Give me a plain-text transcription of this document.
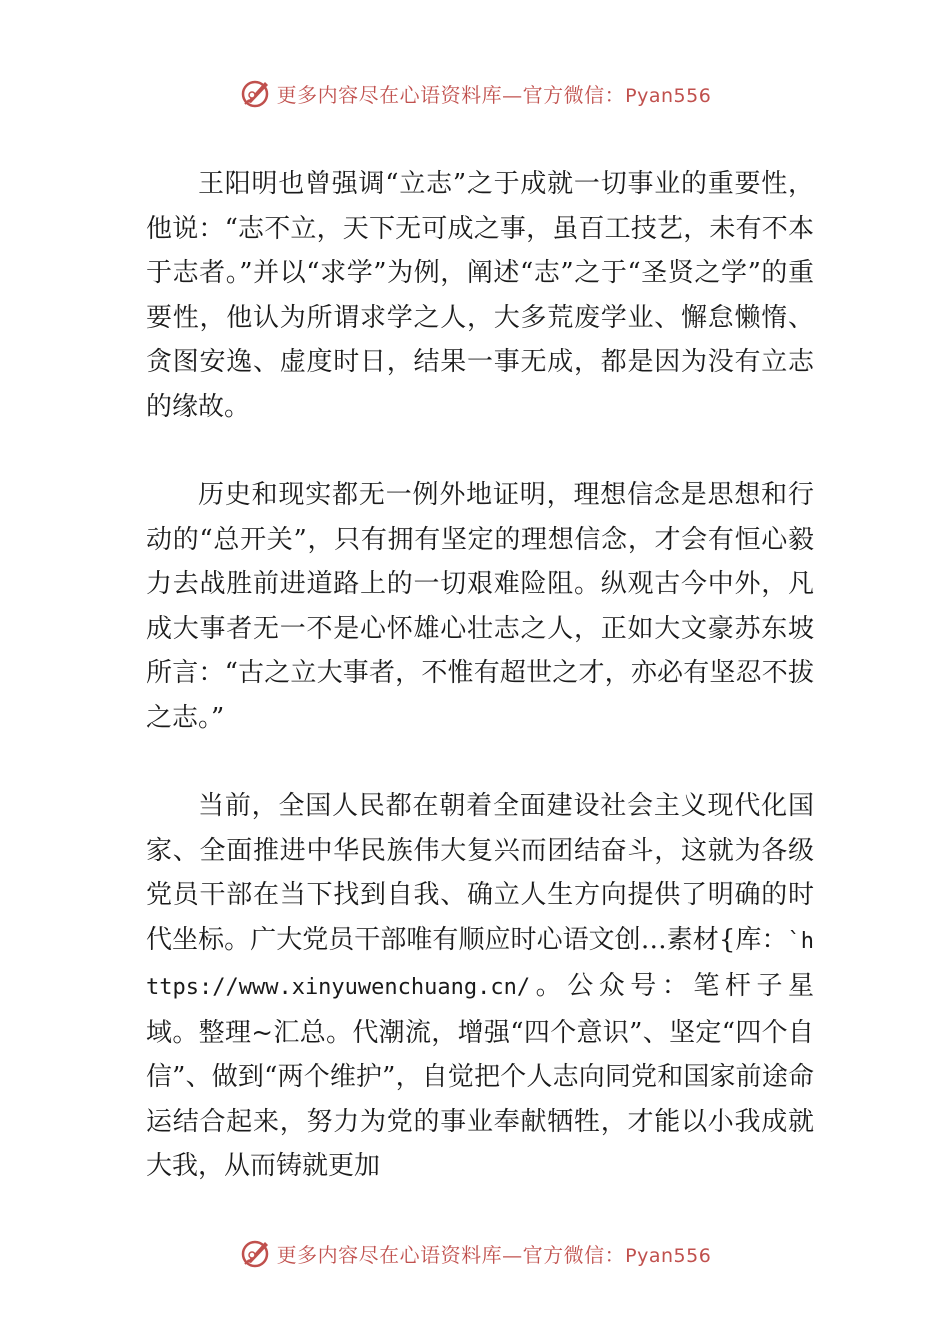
更多内容尽在心语资料库—官方微信：Pyan556

王阳明也曾强调“立志”之于成就一切事业的重要性，他说：“志不立，天下无可成之事，虽百工技艺，未有不本于志者。”并以“求学”为例，阐述“志”之于“圣贤之学”的重要性，他认为所谓求学之人，大多荒废学业、懈怠懒惰、贪图安逸、虚度时日，结果一事无成，都是因为没有立志的缘故。

历史和现实都无一例外地证明，理想信念是思想和行动的“总开关”，只有拥有坚定的理想信念，才会有恒心毅力去战胜前进道路上的一切艰难险阻。纵观古今中外，凡成大事者无一不是心怀雄心壮志之人，正如大文豪苏东坡所言：“古之立大事者，不惟有超世之才，亦必有坚忍不拔之志。”

当前，全国人民都在朝着全面建设社会主义现代化国家、全面推进中华民族伟大复兴而团结奋斗，这就为各级党员干部在当下找到自我、确立人生方向提供了明确的时代坐标。广大党员干部唯有顺应时心语文创…素材{库：`https://www.xinyuwenchuang.cn/。公众号：笔杆子星域。整理~汇总。代潮流，增强“四个意识”、坚定“四个自信”、做到“两个维护”，自觉把个人志向同党和国家前途命运结合起来，努力为党的事业奉献牺牲，才能以小我成就大我，从而铸就更加

更多内容尽在心语资料库—官方微信：Pyan556
